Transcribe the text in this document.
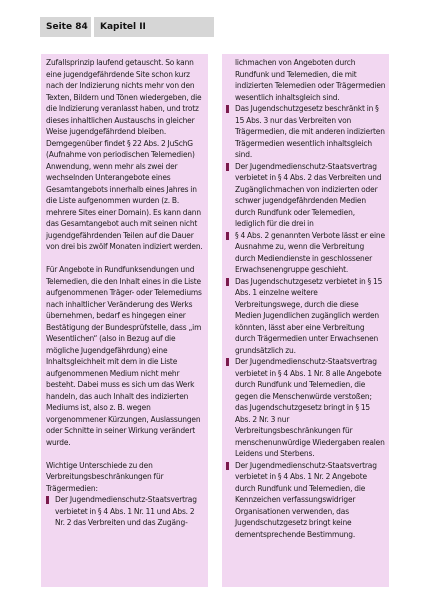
Seite 84	Kapitel II

Zufallsprinzip laufend getauscht. So kann eine jugendgefährdende Site schon kurz nach der Indizierung nichts mehr von den Texten, Bildern und Tönen wiedergeben, die die Indizierung veranlasst haben, und trotz dieses inhaltlichen Austauschs in gleicher Weise jugendgefährdend bleiben. Demgegenüber findet § 22 Abs. 2 JuSchG (Aufnahme von periodischen Telemedien) Anwendung, wenn mehr als zwei der wechselnden Unterangebote eines Gesamtangebots innerhalb eines Jahres in die Liste aufgenommen wurden (z. B. mehrere Sites einer Domain). Es kann dann das Gesamtangebot auch mit seinen nicht jugendgefährdenden Teilen auf die Dauer von drei bis zwölf Monaten indiziert werden.

Für Angebote in Rundfunksendungen und Telemedien, die den Inhalt eines in die Liste aufgenommenen Träger- oder Telemediums nach inhaltlicher Veränderung des Werks übernehmen, bedarf es hingegen einer Bestätigung der Bundesprüfstelle, dass „im Wesentlichen“ (also in Bezug auf die mögliche Jugendgefährdung) eine Inhaltsgleichheit mit dem in die Liste aufgenommenen Medium nicht mehr besteht. Dabei muss es sich um das Werk handeln, das auch Inhalt des indizierten Mediums ist, also z. B. wegen vorgenommener Kürzungen, Auslassungen oder Schnitte in seiner Wirkung verändert wurde.

Wichtige Unterschiede zu den Verbreitungsbeschränkungen für Trägermedien:

Der Jugendmedienschutz-Staatsvertrag verbietet in § 4 Abs. 1 Nr. 11 und Abs. 2 Nr. 2 das Verbreiten und das Zugäng-

lichmachen von Angeboten durch Rundfunk und Telemedien, die mit indizierten Telemedien oder Trägermedien wesentlich inhaltsgleich sind.

Das Jugendschutzgesetz beschränkt in § 15 Abs. 3 nur das Verbreiten von Trägermedien, die mit anderen indizierten Trägermedien wesentlich inhaltsgleich sind.

Der Jugendmedienschutz-Staatsvertrag verbietet in § 4 Abs. 2 das Verbreiten und Zugänglichmachen von indizierten oder schwer jugendgefährdenden Medien durch Rundfunk oder Telemedien, lediglich für die drei in

§ 4 Abs. 2 genannten Verbote lässt er eine Ausnahme zu, wenn die Verbreitung durch Mediendienste in geschlossener Erwachsenengruppe geschieht.

Das Jugendschutzgesetz verbietet in § 15 Abs. 1 einzelne weitere Verbreitungswege, durch die diese Medien Jugendlichen zugänglich werden könnten, lässt aber eine Verbreitung durch Trägermedien unter Erwachsenen grundsätzlich zu.

Der Jugendmedienschutz-Staatsvertrag verbietet in § 4 Abs. 1 Nr. 8 alle Angebote durch Rundfunk und Telemedien, die gegen die Menschenwürde verstoßen; das Jugendschutzgesetz bringt in § 15 Abs. 2 Nr. 3 nur Verbreitungsbeschränkungen für menschenunwürdige Wiedergaben realen Leidens und Sterbens.

Der Jugendmedienschutz-Staatsvertrag verbietet in § 4 Abs. 1 Nr. 2 Angebote durch Rundfunk und Telemedien, die Kennzeichen verfassungswidriger Organisationen verwenden, das Jugendschutzgesetz bringt keine dementsprechende Bestimmung.
